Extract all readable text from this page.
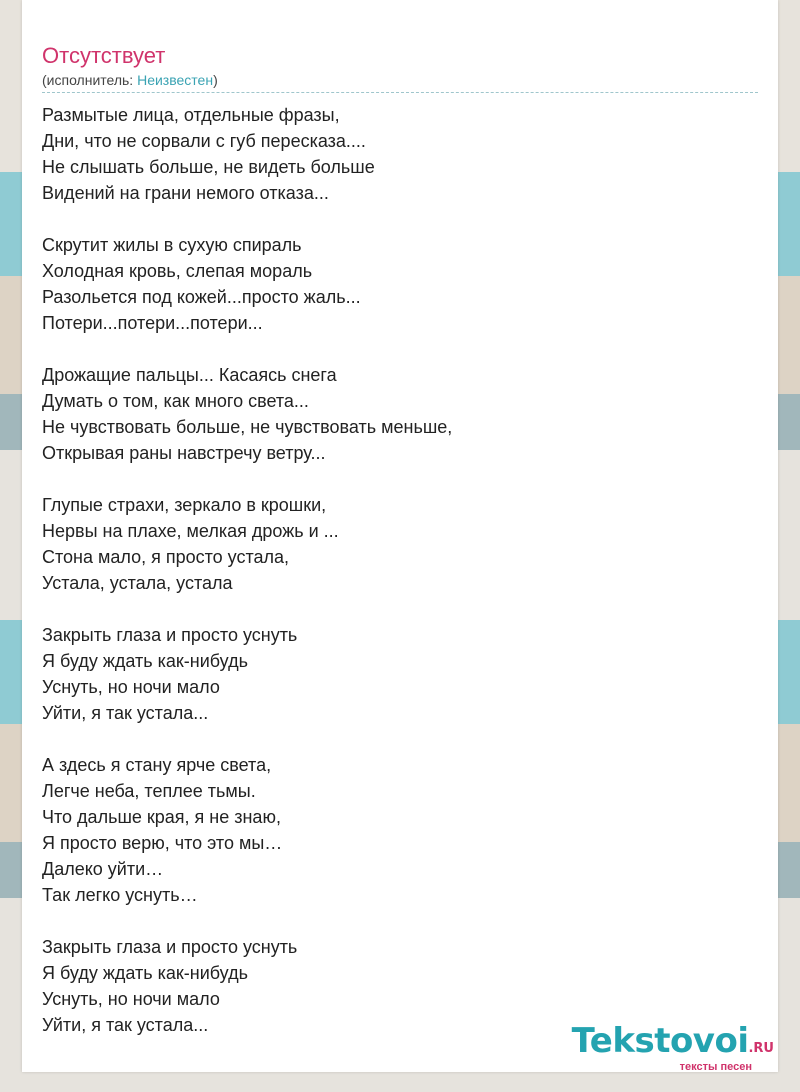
Отсутствует
(исполнитель: Неизвестен)
Размытые лица, отдельные фразы,
Дни, что не сорвали с губ пересказа....
Не слышать больше, не видеть больше
Видений на грани немого отказа...
Скрутит жилы в сухую спираль
Холодная кровь, слепая мораль
Разольется под кожей...просто жаль...
Потери...потери...потери...
Дрожащие пальцы... Касаясь снега
Думать о том, как много света...
Не чувствовать больше, не чувствовать меньше,
Открывая раны навстречу ветру...
Глупые страхи, зеркало в крошки,
Нервы на плахе, мелкая дрожь и ...
Стона мало, я просто устала,
Устала, устала, устала
Закрыть глаза и просто уснуть
Я буду ждать как-нибудь
Уснуть, но ночи мало
Уйти, я так устала...
А здесь я стану ярче света,
Легче неба, теплее тьмы.
Что дальше края, я не знаю,
Я просто верю, что это мы…
Далеко уйти…
Так легко уснуть…
Закрыть глаза и просто уснуть
Я буду ждать как-нибудь
Уснуть, но ночи мало
Уйти, я так устала...	Tekstovoi.RU
тексты песен
